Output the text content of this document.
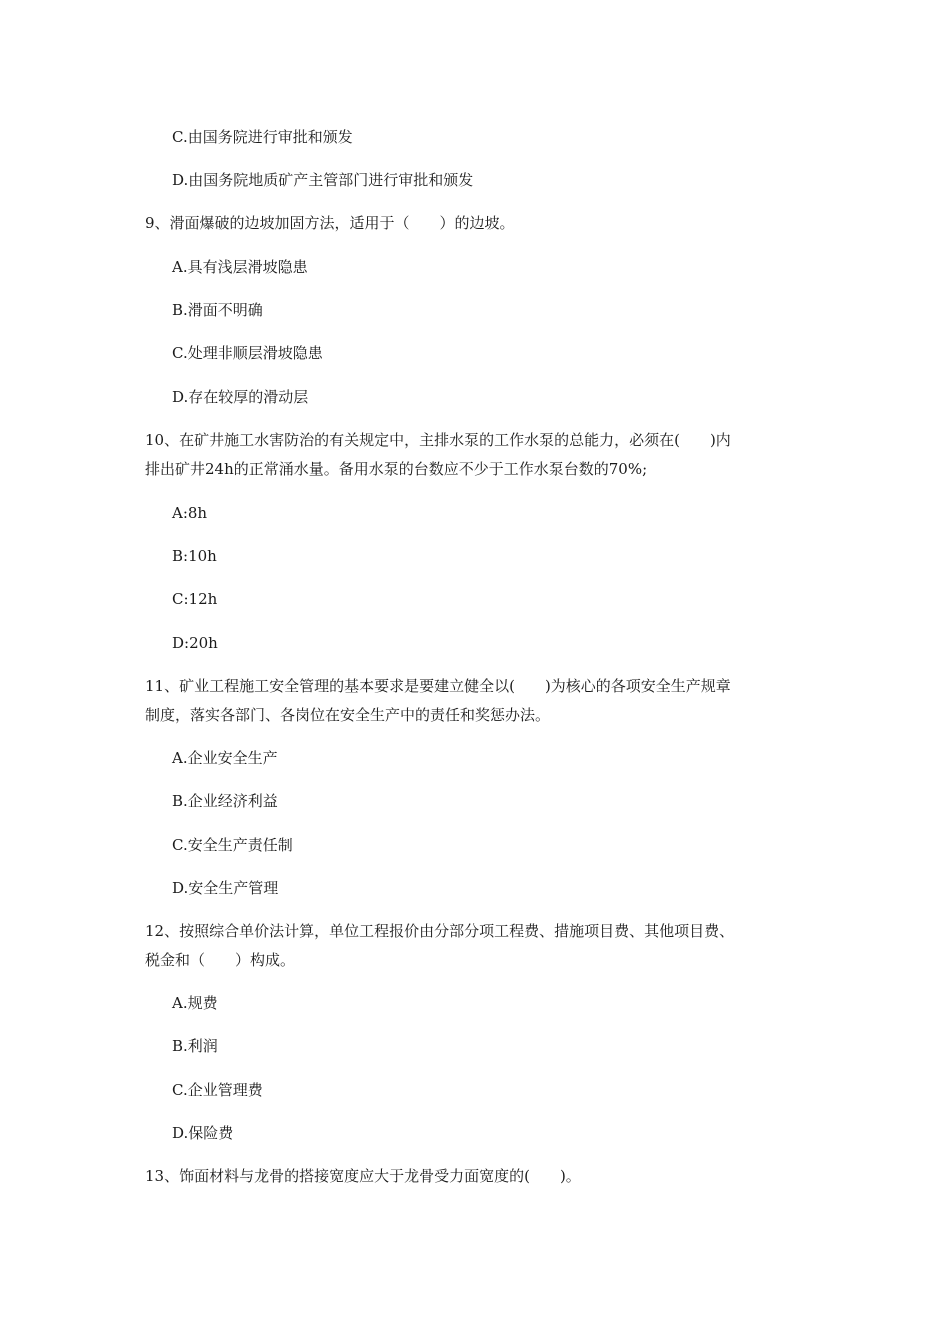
C.由国务院进行审批和颁发
D.由国务院地质矿产主管部门进行审批和颁发
9、滑面爆破的边坡加固方法，适用于（　　）的边坡。
A.具有浅层滑坡隐患
B.滑面不明确
C.处理非顺层滑坡隐患
D.存在较厚的滑动层
10、在矿井施工水害防治的有关规定中，主排水泵的工作水泵的总能力，必须在(　　)内
排出矿井24h的正常涌水量。备用水泵的台数应不少于工作水泵台数的70%;
A:8h
B:10h
C:12h
D:20h
11、矿业工程施工安全管理的基本要求是要建立健全以(　　)为核心的各项安全生产规章
制度，落实各部门、各岗位在安全生产中的责任和奖惩办法。
A.企业安全生产
B.企业经济利益
C.安全生产责任制
D.安全生产管理
12、按照综合单价法计算，单位工程报价由分部分项工程费、措施项目费、其他项目费、
税金和（　　）构成。
A.规费
B.利润
C.企业管理费
D.保险费
13、饰面材料与龙骨的搭接宽度应大于龙骨受力面宽度的(　　)。
